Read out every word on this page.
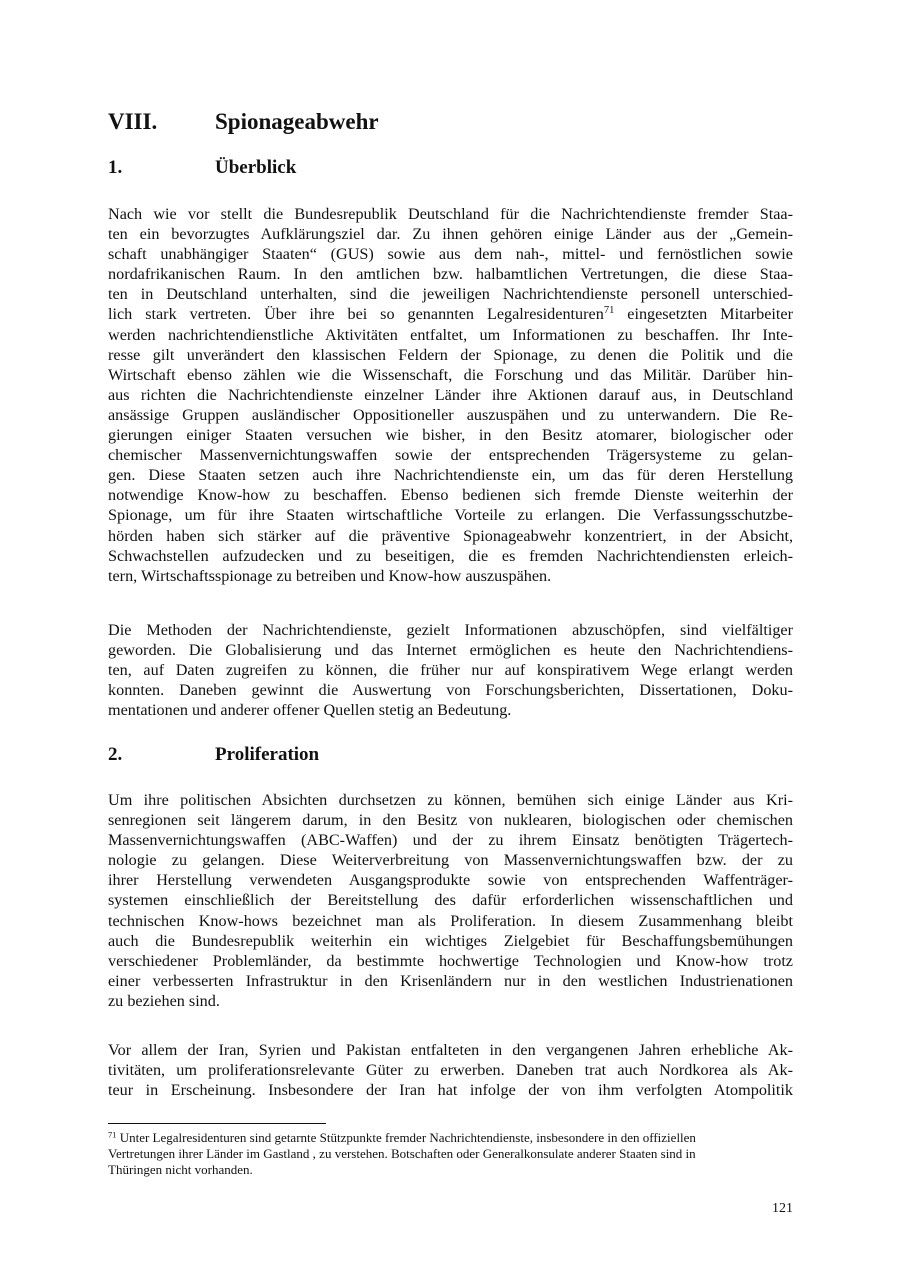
VIII.	Spionageabwehr
1.	Überblick
Nach wie vor stellt die Bundesrepublik Deutschland für die Nachrichtendienste fremder Staa-
ten ein bevorzugtes Aufklärungsziel dar. Zu ihnen gehören einige Länder aus der „Gemein-
schaft unabhängiger Staaten“ (GUS) sowie aus dem nah-, mittel- und fernöstlichen sowie
nordafrikanischen Raum. In den amtlichen bzw. halbamtlichen Vertretungen, die diese Staa-
ten in Deutschland unterhalten, sind die jeweiligen Nachrichtendienste personell unterschied-
lich stark vertreten. Über ihre bei so genannten Legalresidenturen$^{71}$ eingesetzten Mitarbeiter
werden nachrichtendienstliche Aktivitäten entfaltet, um Informationen zu beschaffen. Ihr Inte-
resse gilt unverändert den klassischen Feldern der Spionage, zu denen die Politik und die
Wirtschaft ebenso zählen wie die Wissenschaft, die Forschung und das Militär. Darüber hin-
aus richten die Nachrichtendienste einzelner Länder ihre Aktionen darauf aus, in Deutschland
ansässige Gruppen ausländischer Oppositioneller auszuspähen und zu unterwandern. Die Re-
gierungen einiger Staaten versuchen wie bisher, in den Besitz atomarer, biologischer oder
chemischer Massenvernichtungswaffen sowie der entsprechenden Trägersysteme zu gelan-
gen. Diese Staaten setzen auch ihre Nachrichtendienste ein, um das für deren Herstellung
notwendige Know-how zu beschaffen. Ebenso bedienen sich fremde Dienste weiterhin der
Spionage, um für ihre Staaten wirtschaftliche Vorteile zu erlangen. Die Verfassungsschutzbe-
hörden haben sich stärker auf die präventive Spionageabwehr konzentriert, in der Absicht,
Schwachstellen aufzudecken und zu beseitigen, die es fremden Nachrichtendiensten erleich-
tern, Wirtschaftsspionage zu betreiben und Know-how auszuspähen.
Die Methoden der Nachrichtendienste, gezielt Informationen abzuschöpfen, sind vielfältiger
geworden. Die Globalisierung und das Internet ermöglichen es heute den Nachrichtendiens-
ten, auf Daten zugreifen zu können, die früher nur auf konspirativem Wege erlangt werden
konnten. Daneben gewinnt die Auswertung von Forschungsberichten, Dissertationen, Doku-
mentationen und anderer offener Quellen stetig an Bedeutung.
2.	Proliferation
Um ihre politischen Absichten durchsetzen zu können, bemühen sich einige Länder aus Kri-
senregionen seit längerem darum, in den Besitz von nuklearen, biologischen oder chemischen
Massenvernichtungswaffen (ABC-Waffen) und der zu ihrem Einsatz benötigten Trägertech-
nologie zu gelangen. Diese Weiterverbreitung von Massenvernichtungswaffen bzw. der zu
ihrer Herstellung verwendeten Ausgangsprodukte sowie von entsprechenden Waffenträger-
systemen einschließlich der Bereitstellung des dafür erforderlichen wissenschaftlichen und
technischen Know-hows bezeichnet man als Proliferation. In diesem Zusammenhang bleibt
auch die Bundesrepublik weiterhin ein wichtiges Zielgebiet für Beschaffungsbemühungen
verschiedener Problemländer, da bestimmte hochwertige Technologien und Know-how trotz
einer verbesserten Infrastruktur in den Krisenländern nur in den westlichen Industrienationen
zu beziehen sind.
Vor allem der Iran, Syrien und Pakistan entfalteten in den vergangenen Jahren erhebliche Ak-
tivitäten, um proliferationsrelevante Güter zu erwerben. Daneben trat auch Nordkorea als Ak-
teur in Erscheinung. Insbesondere der Iran hat infolge der von ihm verfolgten Atompolitik
$^{71}$ Unter Legalresidenturen sind getarnte Stützpunkte fremder Nachrichtendienste, insbesondere in den offiziellen
Vertretungen ihrer Länder im Gastland , zu verstehen. Botschaften oder Generalkonsulate anderer Staaten sind in
Thüringen nicht vorhanden.
121
